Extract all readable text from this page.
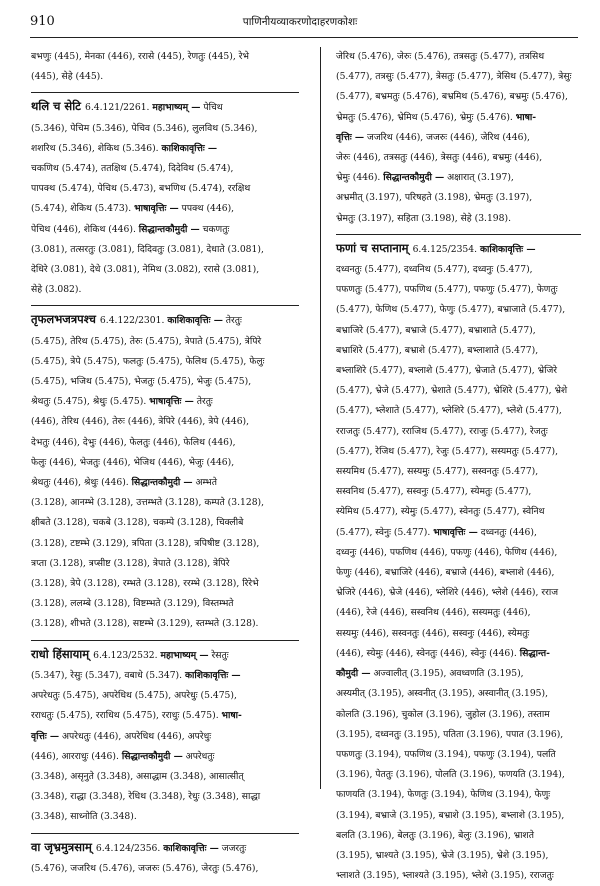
910	पाणिनीयव्याकरणोदाहरणकोशः

बभणुः (445), मेनका (446), ररासे (445), रेणतुः (445), रेभे

(445), सेहे (445).

थलि च सेटि 6.4.121/2261. महाभाष्यम् — पेचिथ

(5.346), पेचिम (5.346), पेचिव (5.346), लुलविथ (5.346),

शशरिथ (5.346), शेकिथ (5.346). काशिकावृत्तिः —

चकणिथ (5.474), ततक्षिथ (5.474), दिदेविथ (5.474),

पापक्थ (5.474), पेचिथ (5.473), बभणिथ (5.474), ररक्षिथ

(5.474), शेकिथ (5.473). भाषावृत्तिः — पपक्थ (446),

पेचिथ (446), शेकिथ (446). सिद्धान्तकौमुदी — चकणतुः

(3.081), तत्सरतुः (3.081), दिदिवतुः (3.081), देधाते (3.081),

देधिरे (3.081), देधे (3.081), नेमिथ (3.082), ररासे (3.081),

सेहे (3.082).

तृफलभजत्रपश्च 6.4.122/2301. काशिकावृत्तिः — तेरतुः

(5.475), तेरिथ (5.475), तेरुः (5.475), त्रेपाते (5.475), त्रेपिरे

(5.475), त्रेपे (5.475), फलतुः (5.475), फेलिथ (5.475), फेलुः

(5.475), भजिथ (5.475), भेजतुः (5.475), भेजुः (5.475),

श्रेथतुः (5.475), श्रेथुः (5.475). भाषावृत्तिः — तेरतुः

(446), तेरिथ (446), तेरुः (446), त्रेपिरे (446), त्रेपे (446),

देभतुः (446), देभुः (446), फेलतुः (446), फेलिथ (446),

फेलुः (446), भेजतुः (446), भेजिथ (446), भेजुः (446),

श्रेथतुः (446), श्रेथुः (446). सिद्धान्तकौमुदी — अम्भते

(3.128), आनम्भे (3.128), उत्तम्भते (3.128), कम्पते (3.128),

क्षीबते (3.128), चकबे (3.128), चकम्पे (3.128), चिक्लीबे

(3.128), टष्टम्भे (3.129), त्रपिता (3.128), त्रपिषीष्ट (3.128),

त्रप्ता (3.128), त्रप्सीष्ट (3.128), त्रेपाते (3.128), त्रेपिरे

(3.128), त्रेपे (3.128), रम्भते (3.128), ररम्भे (3.128), रिरेभे

(3.128), ललम्बे (3.128), विष्टम्भते (3.129), विस्तम्भते

(3.128), शीभते (3.128), सष्टम्भे (3.129), स्तम्भते (3.128).

राधो हिंसायाम् 6.4.123/2532. महाभाष्यम् — रेसतुः

(5.347), रेसुः (5.347), वबाधे (5.347). काशिकावृत्तिः —

अपरेधतुः (5.475), अपरेधिथ (5.475), अपरेधुः (5.475),

रराधतुः (5.475), रराधिथ (5.475), रराधुः (5.475). भाषा-

वृत्तिः — अपरेधतुः (446), अपरेधिथ (446), अपरेधुः

(446), आरराधुः (446). सिद्धान्तकौमुदी — अपरेधतुः

(3.348), असृनुते (3.348), असाद्धाम (3.348), आसात्सीत्

(3.348), राद्धा (3.348), रेधिथ (3.348), रेधुः (3.348), साद्धा

(3.348), साध्नोति (3.348).

वा जृभ्रमुत्रसाम् 6.4.124/2356. काशिकावृत्तिः — जजरतुः

(5.476), जजरिथ (5.476), जजरुः (5.476), जेरतुः (5.476),

जेरिथ (5.476), जेरुः (5.476), तत्रसतुः (5.477), तत्रसिथ

(5.477), तत्रसुः (5.477), त्रेसतुः (5.477), त्रेसिथ (5.477), त्रेसुः

(5.477), बभ्रमतुः (5.476), बभ्रमिथ (5.476), बभ्रमुः (5.476),

भ्रेमतुः (5.476), भ्रेमिथ (5.476), भ्रेमुः (5.476). भाषा-

वृत्तिः — जजरिथ (446), जजरुः (446), जेरिथ (446),

जेरुः (446), तत्रसतुः (446), त्रेसतुः (446), बभ्रमुः (446),

भ्रेमुः (446). सिद्धान्तकौमुदी — अक्षारात् (3.197),

अभ्रमीत् (3.197), परिषहते (3.198), भ्रेमतुः (3.197),

भ्रेमतुः (3.197), सहिता (3.198), सेहे (3.198).

फणां च सप्तानाम् 6.4.125/2354. काशिकावृत्तिः —

दध्वनतुः (5.477), दध्वनिथ (5.477), दध्वनुः (5.477),

पफणतुः (5.477), पफणिथ (5.477), पफणुः (5.477), फेणतुः

(5.477), फेणिथ (5.477), फेणुः (5.477), बभ्राजाते (5.477),

बभ्राजिरे (5.477), बभ्राजे (5.477), बभ्राशाते (5.477),

बभ्राशिरे (5.477), बभ्राशे (5.477), बभ्लाशाते (5.477),

बभ्लाशिरे (5.477), बभ्लाशे (5.477), भ्रेजाते (5.477), भ्रेजिरे

(5.477), भ्रेजे (5.477), भ्रेशाते (5.477), भ्रेशिरे (5.477), भ्रेशे

(5.477), भ्लेशाते (5.477), भ्लेशिरे (5.477), भ्लेशे (5.477),

रराजतुः (5.477), रराजिथ (5.477), रराजुः (5.477), रेजतुः

(5.477), रेजिथ (5.477), रेजुः (5.477), सस्यमतुः (5.477),

सस्यमिथ (5.477), सस्यमुः (5.477), सस्वनतुः (5.477),

सस्वनिथ (5.477), सस्वनुः (5.477), स्येमतुः (5.477),

स्येमिथ (5.477), स्येमुः (5.477), स्वेनतुः (5.477), स्वेनिथ

(5.477), स्वेनुः (5.477). भाषावृत्तिः — दध्वनतुः (446),

दध्वनुः (446), पफणिथ (446), पफणुः (446), फेणिथ (446),

फेणुः (446), बभ्राजिरे (446), बभ्राजे (446), बभ्लाशे (446),

भ्रेजिरे (446), भ्रेजे (446), भ्लेशिरे (446), भ्लेशे (446), रराज

(446), रेजे (446), सस्वनिथ (446), सस्यमतुः (446),

सस्यमुः (446), सस्वनतुः (446), सस्वनुः (446), स्येमतुः

(446), स्येमुः (446), स्वेनतुः (446), स्वेनुः (446). सिद्धान्त-

कौमुदी — अज्वालीत् (3.195), अवध्वणति (3.195),

अस्यमीत् (3.195), अस्वनीत् (3.195), अस्वानीत् (3.195),

कोलति (3.196), चुकोल (3.196), जुहोल (3.196), तस्ताम

(3.195), दध्वनतुः (3.195), पतिता (3.196), पपात (3.196),

पफणतुः (3.194), पफणिथ (3.194), पफणुः (3.194), पलति

(3.196), पेततुः (3.196), पोलति (3.196), फणयति (3.194),

फाणयति (3.194), फेणतुः (3.194), फेणिथ (3.194), फेणुः

(3.194), बभ्राजे (3.195), बभ्राशे (3.195), बभ्लाशे (3.195),

बलति (3.196), बेलतुः (3.196), बेलुः (3.196), भ्राशते

(3.195), भ्राश्यते (3.195), भ्रेजे (3.195), भ्रेशे (3.195),

भ्लाशते (3.195), भ्लाश्यते (3.195), भ्लेशे (3.195), रराजतुः
